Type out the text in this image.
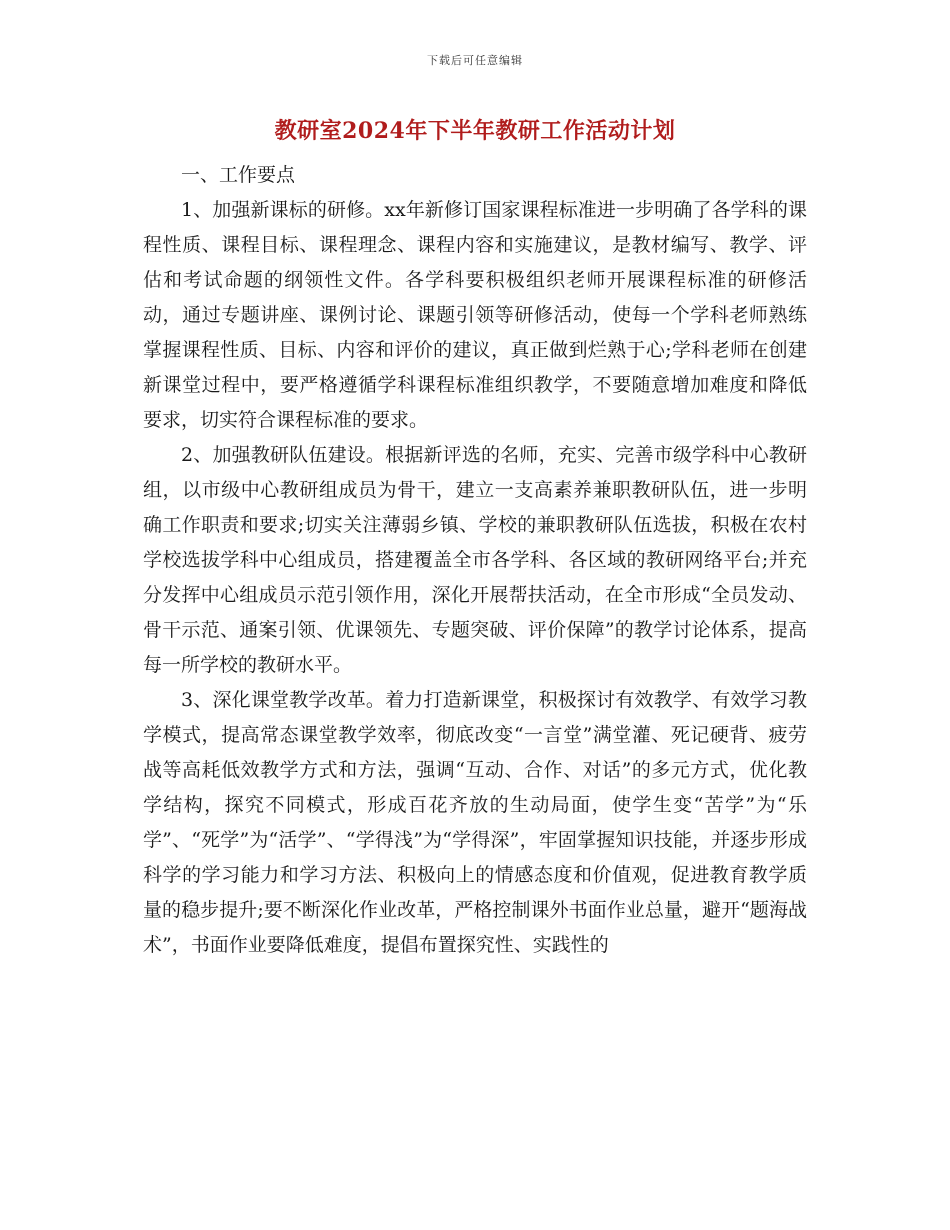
下载后可任意编辑
教研室2024年下半年教研工作活动计划

一、工作要点

1、加强新课标的研修。xx年新修订国家课程标准进一步明确了各学科的课程性质、课程目标、课程理念、课程内容和实施建议，是教材编写、教学、评估和考试命题的纲领性文件。各学科要积极组织老师开展课程标准的研修活动，通过专题讲座、课例讨论、课题引领等研修活动，使每一个学科老师熟练掌握课程性质、目标、内容和评价的建议，真正做到烂熟于心;学科老师在创建新课堂过程中，要严格遵循学科课程标准组织教学，不要随意增加难度和降低要求，切实符合课程标准的要求。

2、加强教研队伍建设。根据新评选的名师，充实、完善市级学科中心教研组，以市级中心教研组成员为骨干，建立一支高素养兼职教研队伍，进一步明确工作职责和要求;切实关注薄弱乡镇、学校的兼职教研队伍选拔，积极在农村学校选拔学科中心组成员，搭建覆盖全市各学科、各区域的教研网络平台;并充分发挥中心组成员示范引领作用，深化开展帮扶活动，在全市形成“全员发动、骨干示范、通案引领、优课领先、专题突破、评价保障”的教学讨论体系，提高每一所学校的教研水平。

3、深化课堂教学改革。着力打造新课堂，积极探讨有效教学、有效学习教学模式，提高常态课堂教学效率，彻底改变“一言堂”满堂灌、死记硬背、疲劳战等高耗低效教学方式和方法，强调“互动、合作、对话”的多元方式，优化教学结构，探究不同模式，形成百花齐放的生动局面，使学生变“苦学”为“乐学”、“死学”为“活学”、“学得浅”为“学得深”，牢固掌握知识技能，并逐步形成科学的学习能力和学习方法、积极向上的情感态度和价值观，促进教育教学质量的稳步提升;要不断深化作业改革，严格控制课外书面作业总量，避开“题海战术”，书面作业要降低难度，提倡布置探究性、实践性的
